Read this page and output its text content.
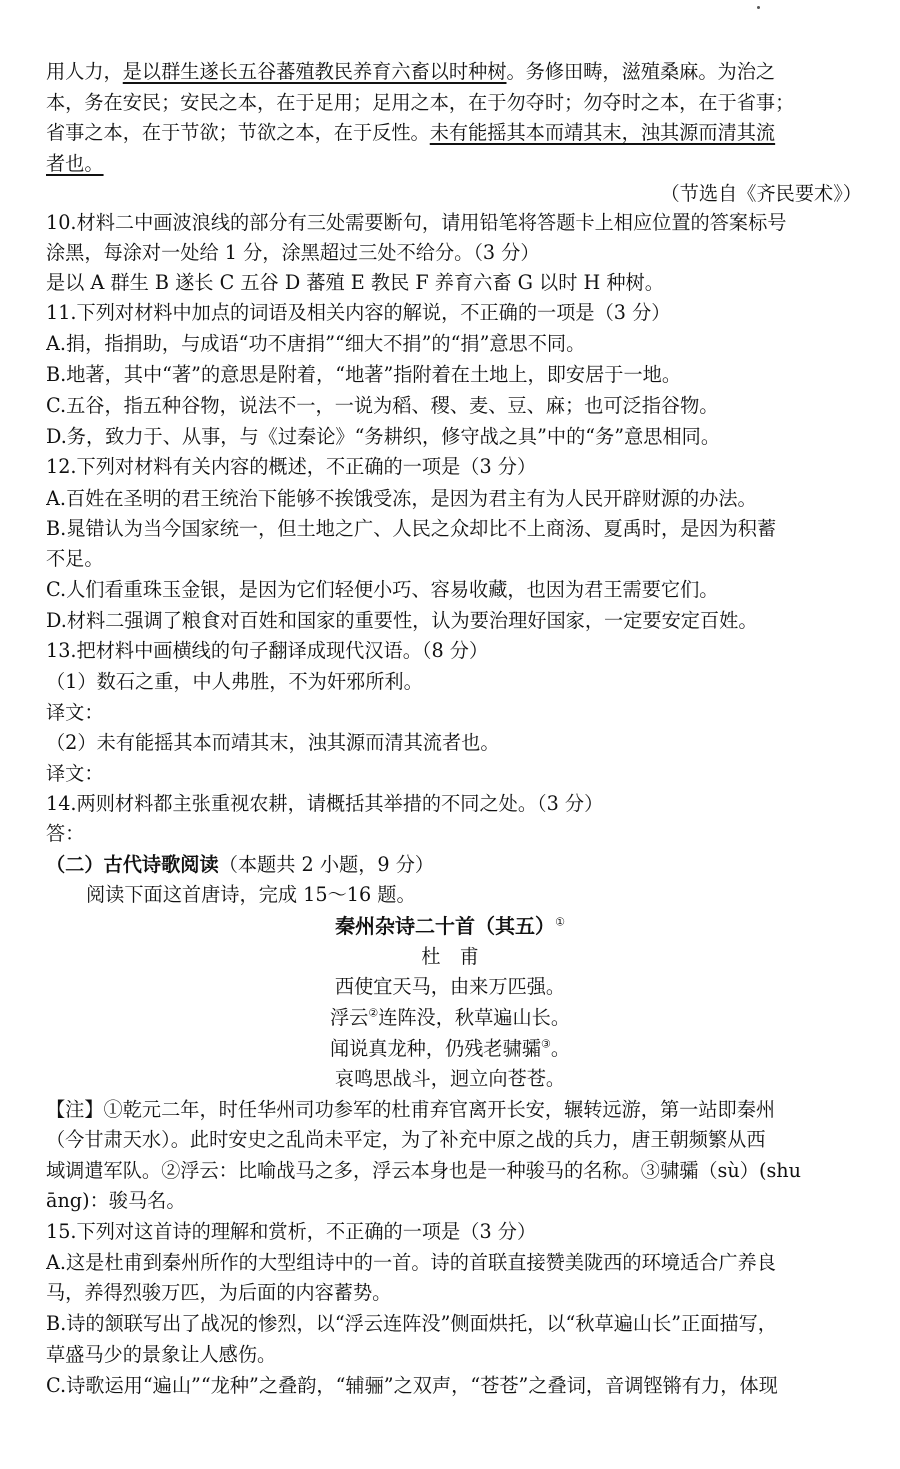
用人力，是以群生遂长五谷蕃殖教民养育六畜以时种树。务修田畴，滋殖桑麻。为治之
本，务在安民；安民之本，在于足用；足用之本，在于勿夺时；勿夺时之本，在于省事；
省事之本，在于节欲；节欲之本，在于反性。未有能摇其本而靖其末，浊其源而清其流
者也。
（节选自《齐民要术》）
10.材料二中画波浪线的部分有三处需要断句，请用铅笔将答题卡上相应位置的答案标号
涂黑，每涂对一处给 1 分，涂黑超过三处不给分。（3 分）
是以 A 群生 B 遂长 C 五谷 D 蕃殖 E 教民 F 养育六畜 G 以时 H 种树。
11.下列对材料中加点的词语及相关内容的解说，不正确的一项是（3 分）
A.捐，指捐助，与成语“功不唐捐”“细大不捐”的“捐”意思不同。
B.地著，其中“著”的意思是附着，“地著”指附着在土地上，即安居于一地。
C.五谷，指五种谷物，说法不一，一说为稻、稷、麦、豆、麻；也可泛指谷物。
D.务，致力于、从事，与《过秦论》“务耕织，修守战之具”中的“务”意思相同。
12.下列对材料有关内容的概述，不正确的一项是（3 分）
A.百姓在圣明的君王统治下能够不挨饿受冻，是因为君主有为人民开辟财源的办法。
B.晁错认为当今国家统一，但土地之广、人民之众却比不上商汤、夏禹时，是因为积蓄
不足。
C.人们看重珠玉金银，是因为它们轻便小巧、容易收藏，也因为君王需要它们。
D.材料二强调了粮食对百姓和国家的重要性，认为要治理好国家，一定要安定百姓。
13.把材料中画横线的句子翻译成现代汉语。（8 分）
（1）数石之重，中人弗胜，不为奸邪所利。
译文：
（2）未有能摇其本而靖其末，浊其源而清其流者也。
译文：
14.两则材料都主张重视农耕，请概括其举措的不同之处。（3 分）
答：
（二）古代诗歌阅读（本题共 2 小题，9 分）
阅读下面这首唐诗，完成 15～16 题。
秦州杂诗二十首（其五）①
杜　甫
西使宜天马，由来万匹强。
浮云②连阵没，秋草遍山长。
闻说真龙种，仍残老骕骦③。
哀鸣思战斗，迥立向苍苍。
【注】①乾元二年，时任华州司功参军的杜甫弃官离开长安，辗转远游，第一站即秦州
（今甘肃天水）。此时安史之乱尚未平定，为了补充中原之战的兵力，唐王朝频繁从西
域调遣军队。②浮云：比喻战马之多，浮云本身也是一种骏马的名称。③骕骦（sù）(shu
āng)：骏马名。
15.下列对这首诗的理解和赏析，不正确的一项是（3 分）
A.这是杜甫到秦州所作的大型组诗中的一首。诗的首联直接赞美陇西的环境适合广养良
马，养得烈骏万匹，为后面的内容蓄势。
B.诗的颔联写出了战况的惨烈，以“浮云连阵没”侧面烘托，以“秋草遍山长”正面描写，
草盛马少的景象让人感伤。
C.诗歌运用“遍山”“龙种”之叠韵，“辅骊”之双声，“苍苍”之叠词，音调铿锵有力，体现
